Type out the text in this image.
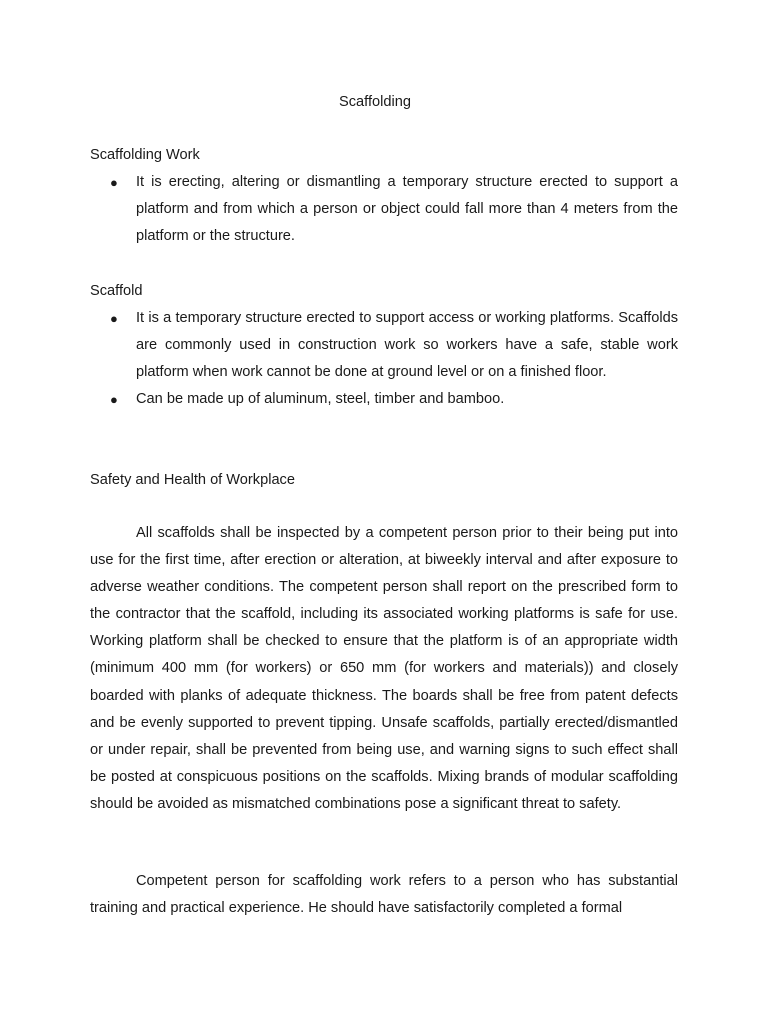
Scaffolding
Scaffolding Work
● It is erecting, altering or dismantling a temporary structure erected to support a platform and from which a person or object could fall more than 4 meters from the platform or the structure.
Scaffold
● It is a temporary structure erected to support access or working platforms. Scaffolds are commonly used in construction work so workers have a safe, stable work platform when work cannot be done at ground level or on a finished floor.
● Can be made up of aluminum, steel, timber and bamboo.
Safety and Health of Workplace

All scaffolds shall be inspected by a competent person prior to their being put into use for the first time, after erection or alteration, at biweekly interval and after exposure to adverse weather conditions. The competent person shall report on the prescribed form to the contractor that the scaffold, including its associated working platforms is safe for use. Working platform shall be checked to ensure that the platform is of an appropriate width (minimum 400 mm (for workers) or 650 mm (for workers and materials)) and closely boarded with planks of adequate thickness. The boards shall be free from patent defects and be evenly supported to prevent tipping. Unsafe scaffolds, partially erected/dismantled or under repair, shall be prevented from being use, and warning signs to such effect shall be posted at conspicuous positions on the scaffolds. Mixing brands of modular scaffolding should be avoided as mismatched combinations pose a significant threat to safety.

Competent person for scaffolding work refers to a person who has substantial training and practical experience. He should have satisfactorily completed a formal
